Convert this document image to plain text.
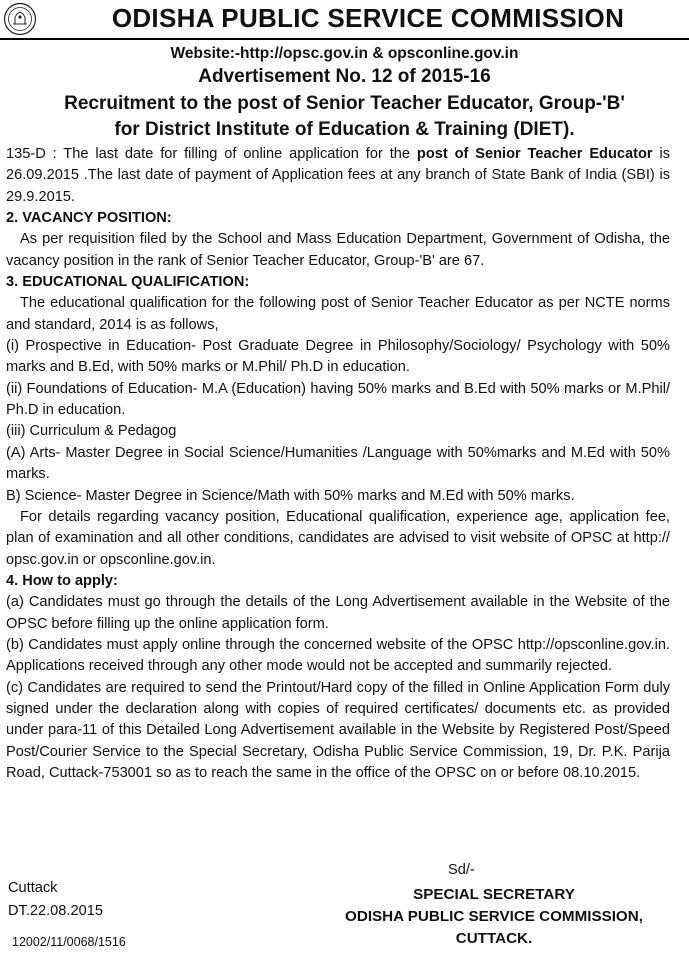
ODISHA PUBLIC SERVICE COMMISSION
Website:-http://opsc.gov.in & opsconline.gov.in
Advertisement No. 12 of 2015-16
Recruitment to the post of Senior Teacher Educator, Group-'B'
for District Institute of Education & Training (DIET).

135-D : The last date for filling of online application for the post of Senior Teacher Educator is 26.09.2015 .The last date of payment of Application fees at any branch of State Bank of India (SBI) is 29.9.2015.

2. VACANCY POSITION:

As per requisition filed by the School and Mass Education Department, Government of Odisha, the vacancy position in the rank of Senior Teacher Educator, Group-'B' are 67.

3. EDUCATIONAL QUALIFICATION:

The educational qualification for the following post of Senior Teacher Educator as per NCTE norms and standard, 2014 is as follows,

(i) Prospective in Education- Post Graduate Degree in Philosophy/Sociology/ Psychology with 50% marks and B.Ed, with 50% marks or M.Phil/ Ph.D in education.

(ii) Foundations of Education- M.A (Education) having 50% marks and B.Ed with 50% marks or M.Phil/ Ph.D in education.

(iii) Curriculum & Pedagog

(A) Arts- Master Degree in Social Science/Humanities /Language with 50%marks and M.Ed with 50% marks.

B) Science- Master Degree in Science/Math with 50% marks and M.Ed with 50% marks.

For details regarding vacancy position, Educational qualification, experience age, application fee, plan of examination and all other conditions, candidates are advised to visit website of OPSC at http:// opsc.gov.in or opsconline.gov.in.

4. How to apply:

(a) Candidates must go through the details of the Long Advertisement available in the Website of the OPSC before filling up the online application form.

(b) Candidates must apply online through the concerned website of the OPSC http://opsconline.gov.in. Applications received through any other mode would not be accepted and summarily rejected.

(c) Candidates are required to send the Printout/Hard copy of the filled in Online Application Form duly signed under the declaration along with copies of required certificates/ documents etc. as provided under para-11 of this Detailed Long Advertisement available in the Website by Registered Post/Speed Post/Courier Service to the Special Secretary, Odisha Public Service Commission, 19, Dr. P.K. Parija Road, Cuttack-753001 so as to reach the same in the office of the OPSC on or before 08.10.2015.

Sd/-
Cuttack
DT.22.08.2015
12002/11/0068/1516
SPECIAL SECRETARY
ODISHA PUBLIC SERVICE COMMISSION,
CUTTACK.
